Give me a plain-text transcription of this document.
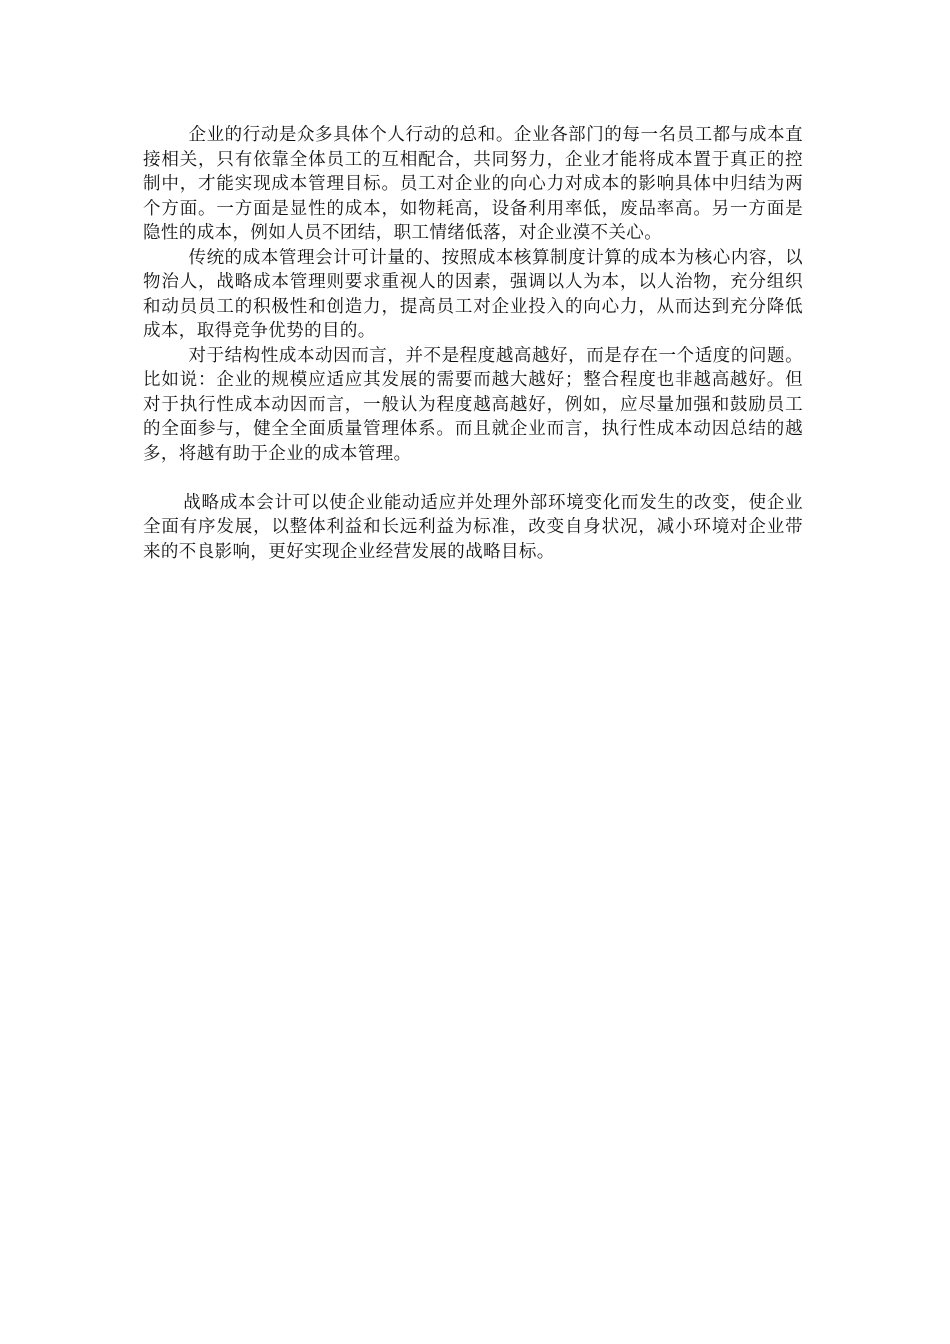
企业的行动是众多具体个人行动的总和。企业各部门的每一名员工都与成本直接相关，只有依靠全体员工的互相配合，共同努力，企业才能将成本置于真正的控制中，才能实现成本管理目标。员工对企业的向心力对成本的影响具体中归结为两个方面。一方面是显性的成本，如物耗高，设备利用率低，废品率高。另一方面是隐性的成本，例如人员不团结，职工情绪低落，对企业漠不关心。

传统的成本管理会计可计量的、按照成本核算制度计算的成本为核心内容，以物治人，战略成本管理则要求重视人的因素，强调以人为本，以人治物，充分组织和动员员工的积极性和创造力，提高员工对企业投入的向心力，从而达到充分降低成本，取得竞争优势的目的。

对于结构性成本动因而言，并不是程度越高越好，而是存在一个适度的问题。比如说：企业的规模应适应其发展的需要而越大越好；整合程度也非越高越好。但对于执行性成本动因而言，一般认为程度越高越好，例如，应尽量加强和鼓励员工的全面参与，健全全面质量管理体系。而且就企业而言，执行性成本动因总结的越多，将越有助于企业的成本管理。

战略成本会计可以使企业能动适应并处理外部环境变化而发生的改变，使企业全面有序发展，以整体利益和长远利益为标准，改变自身状况，减小环境对企业带来的不良影响，更好实现企业经营发展的战略目标。
